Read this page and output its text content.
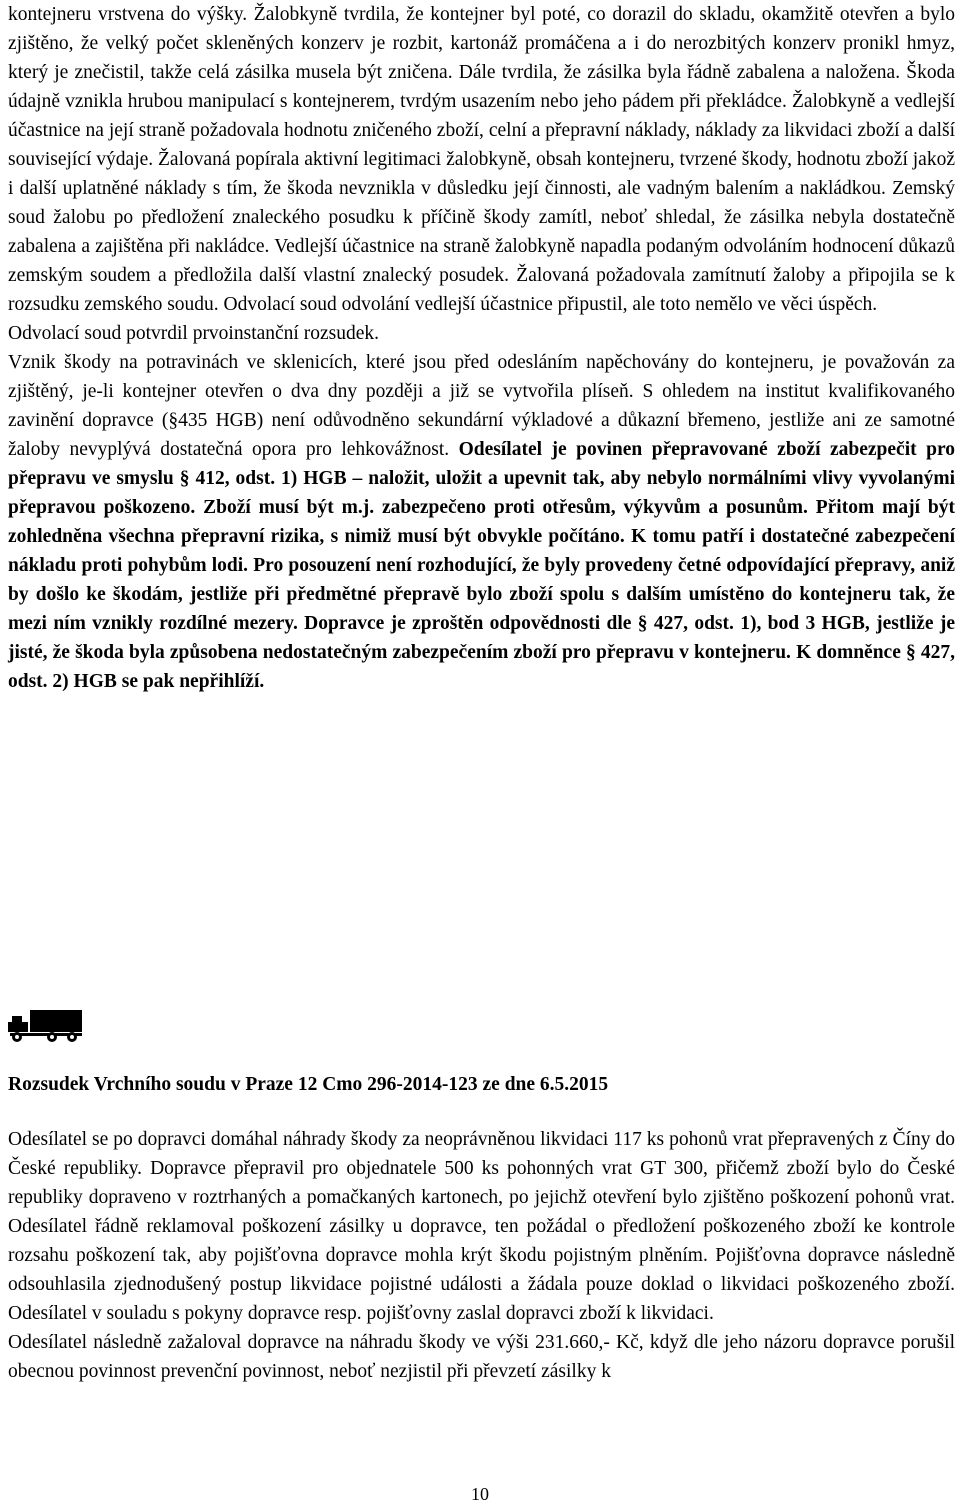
kontejneru vrstvena do výšky. Žalobkyně tvrdila, že kontejner byl poté, co dorazil do skladu, okamžitě otevřen a bylo zjištěno, že velký počet skleněných konzerv je rozbit, kartonáž promáčena a i do nerozbitých konzerv pronikl hmyz, který je znečistil, takže celá zásilka musela být zničena. Dále tvrdila, že zásilka byla řádně zabalena a naložena. Škoda údajně vznikla hrubou manipulací s kontejnerem, tvrdým usazením nebo jeho pádem při překládce. Žalobkyně a vedlejší účastnice na její straně požadovala hodnotu zničeného zboží, celní a přepravní náklady, náklady za likvidaci zboží a další související výdaje. Žalovaná popírala aktivní legitimaci žalobkyně, obsah kontejneru, tvrzené škody, hodnotu zboží jakož i další uplatněné náklady s tím, že škoda nevznikla v důsledku její činnosti, ale vadným balením a nakládkou. Zemský soud žalobu po předložení znaleckého posudku k příčině škody zamítl, neboť shledal, že zásilka nebyla dostatečně zabalena a zajištěna při nakládce. Vedlejší účastnice na straně žalobkyně napadla podaným odvoláním hodnocení důkazů zemským soudem a předložila další vlastní znalecký posudek. Žalovaná požadovala zamítnutí žaloby a připojila se k rozsudku zemského soudu. Odvolací soud odvolání vedlejší účastnice připustil, ale toto nemělo ve věci úspěch.

Odvolací soud potvrdil prvoinstanční rozsudek.

Vznik škody na potravinách ve sklenicích, které jsou před odesláním napěchovány do kontejneru, je považován za zjištěný, je-li kontejner otevřen o dva dny později a již se vytvořila plíseň. S ohledem na institut kvalifikovaného zavinění dopravce (§435 HGB) není odůvodněno sekundární výkladové a důkazní břemeno, jestliže ani ze samotné žaloby nevyplývá dostatečná opora pro lehkovážnost. Odesílatel je povinen přepravované zboží zabezpečit pro přepravu ve smyslu § 412, odst. 1) HGB – naložit, uložit a upevnit tak, aby nebylo normálními vlivy vyvolanými přepravou poškozeno. Zboží musí být m.j. zabezpečeno proti otřesům, výkyvům a posunům. Přitom mají být zohledněna všechna přepravní rizika, s nimiž musí být obvykle počítáno. K tomu patří i dostatečné zabezpečení nákladu proti pohybům lodi. Pro posouzení není rozhodující, že byly provedeny četné odpovídající přepravy, aniž by došlo ke škodám, jestliže při předmětné přepravě bylo zboží spolu s dalším umístěno do kontejneru tak, že mezi ním vznikly rozdílné mezery. Dopravce je zproštěn odpovědnosti dle § 427, odst. 1), bod 3 HGB, jestliže je jisté, že škoda byla způsobena nedostatečným zabezpečením zboží pro přepravu v kontejneru. K domněnce § 427, odst. 2) HGB se pak nepřihlíží.

Rozsudek Vrchního soudu v Praze 12 Cmo 296-2014-123 ze dne 6.5.2015

Odesílatel se po dopravci domáhal náhrady škody za neoprávněnou likvidaci 117 ks pohonů vrat přepravených z Číny do České republiky. Dopravce přepravil pro objednatele 500 ks pohonných vrat GT 300, přičemž zboží bylo do České republiky dopraveno v roztrhaných a pomačkaných kartonech, po jejichž otevření bylo zjištěno poškození pohonů vrat. Odesílatel řádně reklamoval poškození zásilky u dopravce, ten požádal o předložení poškozeného zboží ke kontrole rozsahu poškození tak, aby pojišťovna dopravce mohla krýt škodu pojistným plněním. Pojišťovna dopravce následně odsouhlasila zjednodušený postup likvidace pojistné události a žádala pouze doklad o likvidaci poškozeného zboží. Odesílatel v souladu s pokyny dopravce resp. pojišťovny zaslal dopravci zboží k likvidaci.

Odesílatel následně zažaloval dopravce na náhradu škody ve výši 231.660,- Kč, když dle jeho názoru dopravce porušil obecnou povinnost prevenční povinnost, neboť nezjistil při převzetí zásilky k

10
